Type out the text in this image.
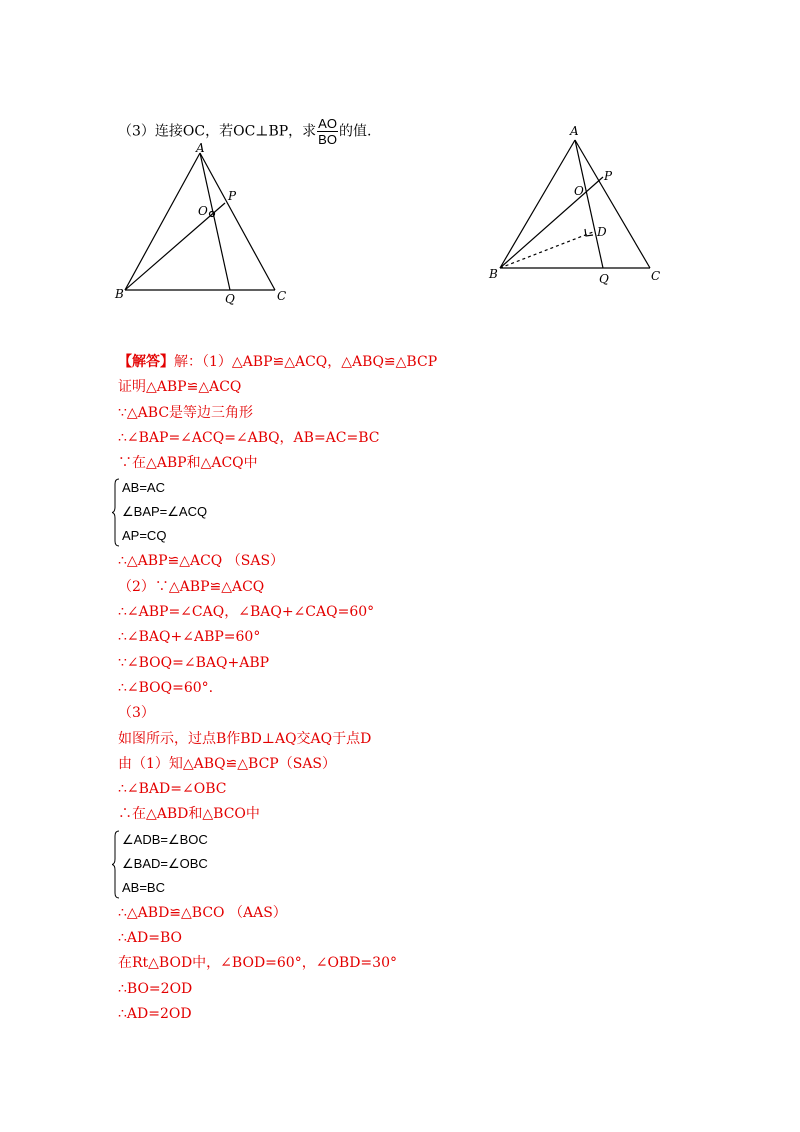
（3）连接OC，若OC⊥BP，求 $\frac{AO}{BO}$ 的值.
A
B	C
P
Q
O
A
B	C
P
Q
O
D
【解答】解：（1）△ABP≌△ACQ，△ABQ≌△BCP
证明△ABP≌△ACQ
∵△ABC是等边三角形
∴∠BAP=∠ACQ=∠ABQ，AB=AC=BC
∵在△ABP和△ACQ中
AB=AC
∠BAP=∠ACQ
AP=CQ
∴△ABP≌△ACQ （SAS）
（2）∵△ABP≌△ACQ
∴∠ABP=∠CAQ，∠BAQ+∠CAQ=60°
∴∠BAQ+∠ABP=60°
∵∠BOQ=∠BAQ+ABP
∴∠BOQ=60°.
（3）
如图所示，过点B作BD⊥AQ交AQ于点D
由（1）知△ABQ≌△BCP（SAS）
∴∠BAD=∠OBC
∴在△ABD和△BCO中
∠ADB=∠BOC
∠BAD=∠OBC
AB=BC
∴△ABD≌△BCO （AAS）
∴AD=BO
在Rt△BOD中，∠BOD=60°，∠OBD=30°
∴BO=2OD
∴AD=2OD
